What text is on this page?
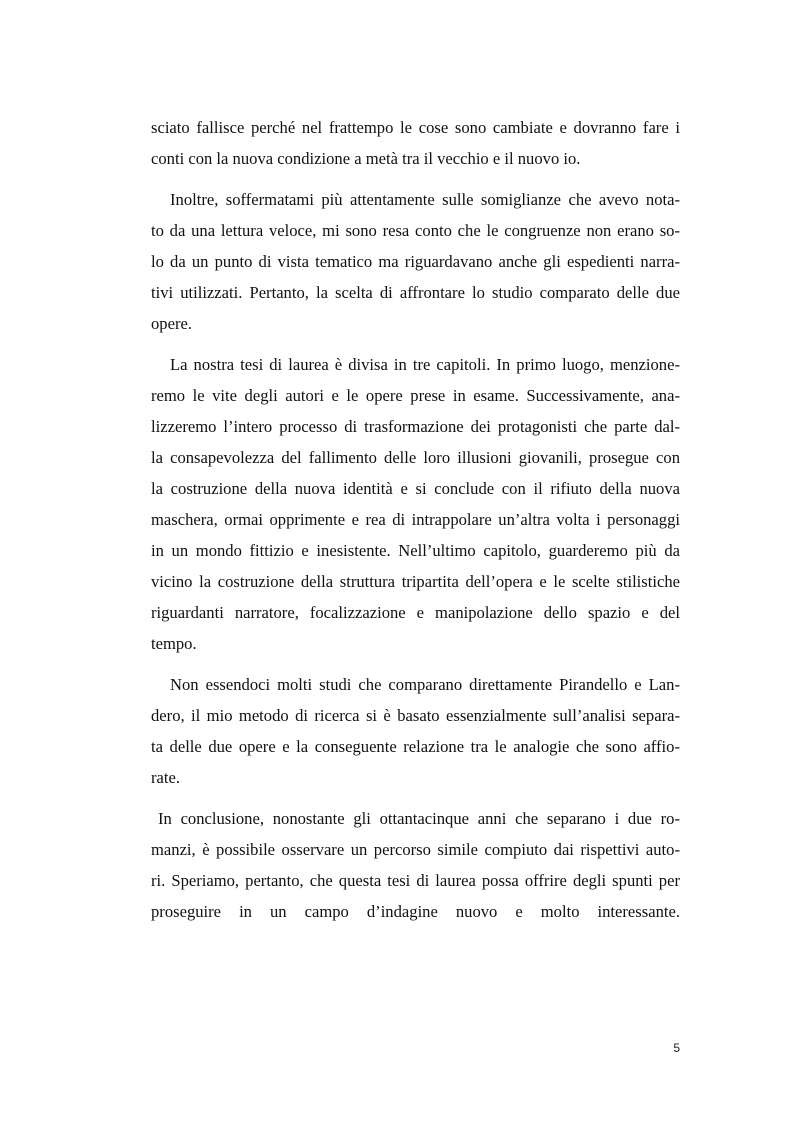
sciato fallisce perché nel frattempo le cose sono cambiate e dovranno fare i
conti con la nuova condizione a metà tra il vecchio e il nuovo io.
Inoltre, soffermatami più attentamente sulle somiglianze che avevo nota-
to da una lettura veloce, mi sono resa conto che le congruenze non erano so-
lo da un punto di vista tematico ma riguardavano anche gli espedienti narra-
tivi utilizzati. Pertanto, la scelta di affrontare lo studio comparato delle due
opere.
La nostra tesi di laurea è divisa in tre capitoli. In primo luogo, menzione-
remo le vite degli autori e le opere prese in esame. Successivamente, ana-
lizzeremo l’intero processo di trasformazione dei protagonisti che parte dal-
la consapevolezza del fallimento delle loro illusioni giovanili, prosegue con
la costruzione della nuova identità e si conclude con il rifiuto della nuova
maschera, ormai opprimente e rea di intrappolare un’altra volta i personaggi
in un mondo fittizio e inesistente. Nell’ultimo capitolo, guarderemo più da
vicino la costruzione della struttura tripartita dell’opera e le scelte stilistiche
riguardanti narratore, focalizzazione e manipolazione dello spazio e del
tempo.
Non essendoci molti studi che comparano direttamente Pirandello e Lan-
dero, il mio metodo di ricerca si è basato essenzialmente sull’analisi separa-
ta delle due opere e la conseguente relazione tra le analogie che sono affio-
rate.
In conclusione, nonostante gli ottantacinque anni che separano i due ro-
manzi, è possibile osservare un percorso simile compiuto dai rispettivi auto-
ri. Speriamo, pertanto, che questa tesi di laurea possa offrire degli spunti per
proseguire in un campo d’indagine nuovo e molto interessante.
5
